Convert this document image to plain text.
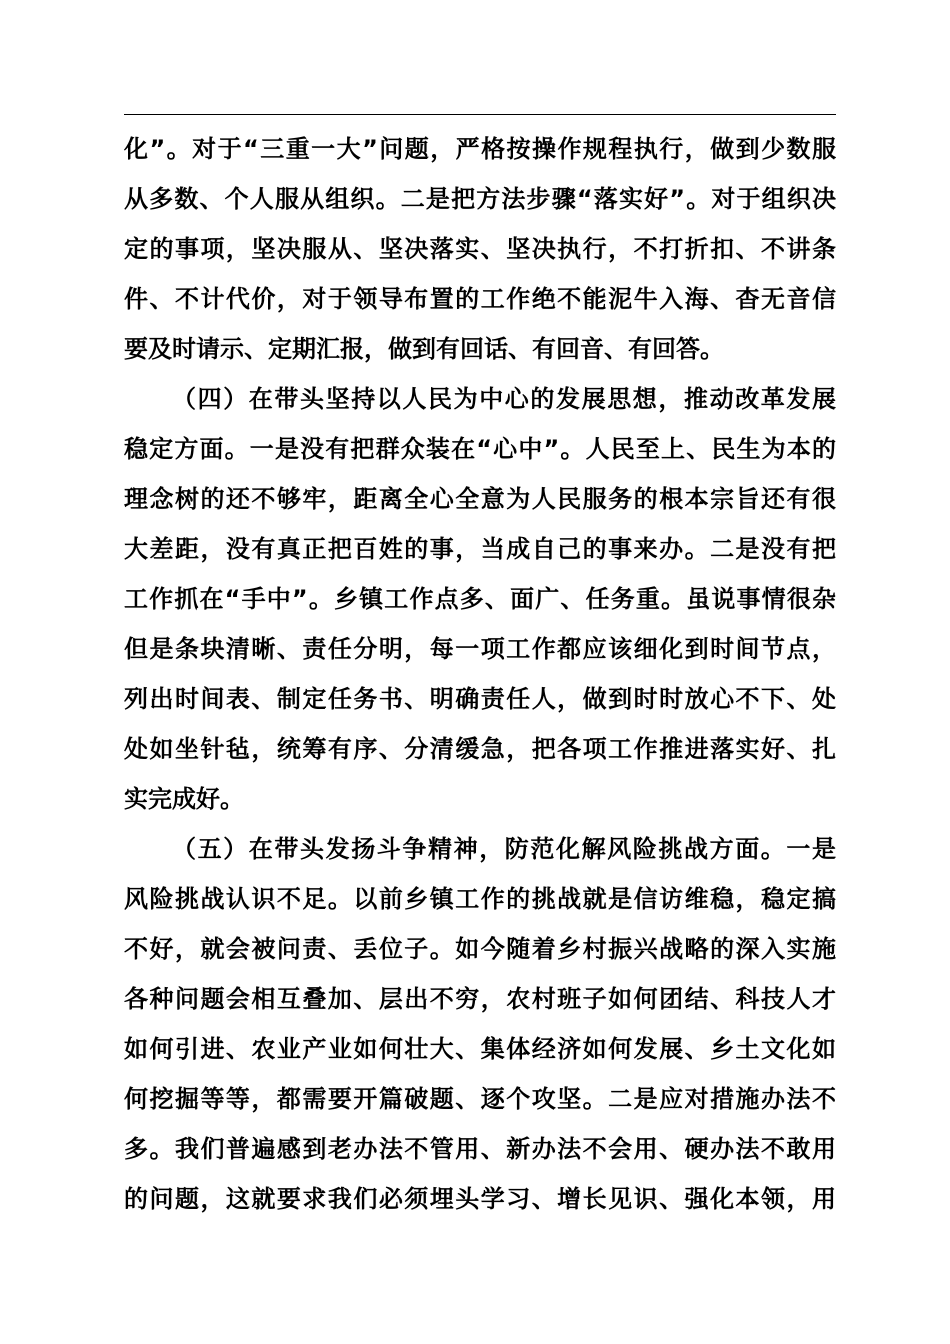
化”。对于“三重一大”问题，严格按操作规程执行，做到少数服
从多数、个人服从组织。二是把方法步骤“落实好”。对于组织决
定的事项，坚决服从、坚决落实、坚决执行，不打折扣、不讲条
件、不计代价，对于领导布置的工作绝不能泥牛入海、杳无音信
要及时请示、定期汇报，做到有回话、有回音、有回答。
（四）在带头坚持以人民为中心的发展思想，推动改革发展
稳定方面。一是没有把群众装在“心中”。人民至上、民生为本的
理念树的还不够牢，距离全心全意为人民服务的根本宗旨还有很
大差距，没有真正把百姓的事，当成自己的事来办。二是没有把
工作抓在“手中”。乡镇工作点多、面广、任务重。虽说事情很杂
但是条块清晰、责任分明，每一项工作都应该细化到时间节点，
列出时间表、制定任务书、明确责任人，做到时时放心不下、处
处如坐针毡，统筹有序、分清缓急，把各项工作推进落实好、扎
实完成好。
（五）在带头发扬斗争精神，防范化解风险挑战方面。一是
风险挑战认识不足。以前乡镇工作的挑战就是信访维稳，稳定搞
不好，就会被问责、丢位子。如今随着乡村振兴战略的深入实施
各种问题会相互叠加、层出不穷，农村班子如何团结、科技人才
如何引进、农业产业如何壮大、集体经济如何发展、乡土文化如
何挖掘等等，都需要开篇破题、逐个攻坚。二是应对措施办法不
多。我们普遍感到老办法不管用、新办法不会用、硬办法不敢用
的问题，这就要求我们必须埋头学习、增长见识、强化本领，用
